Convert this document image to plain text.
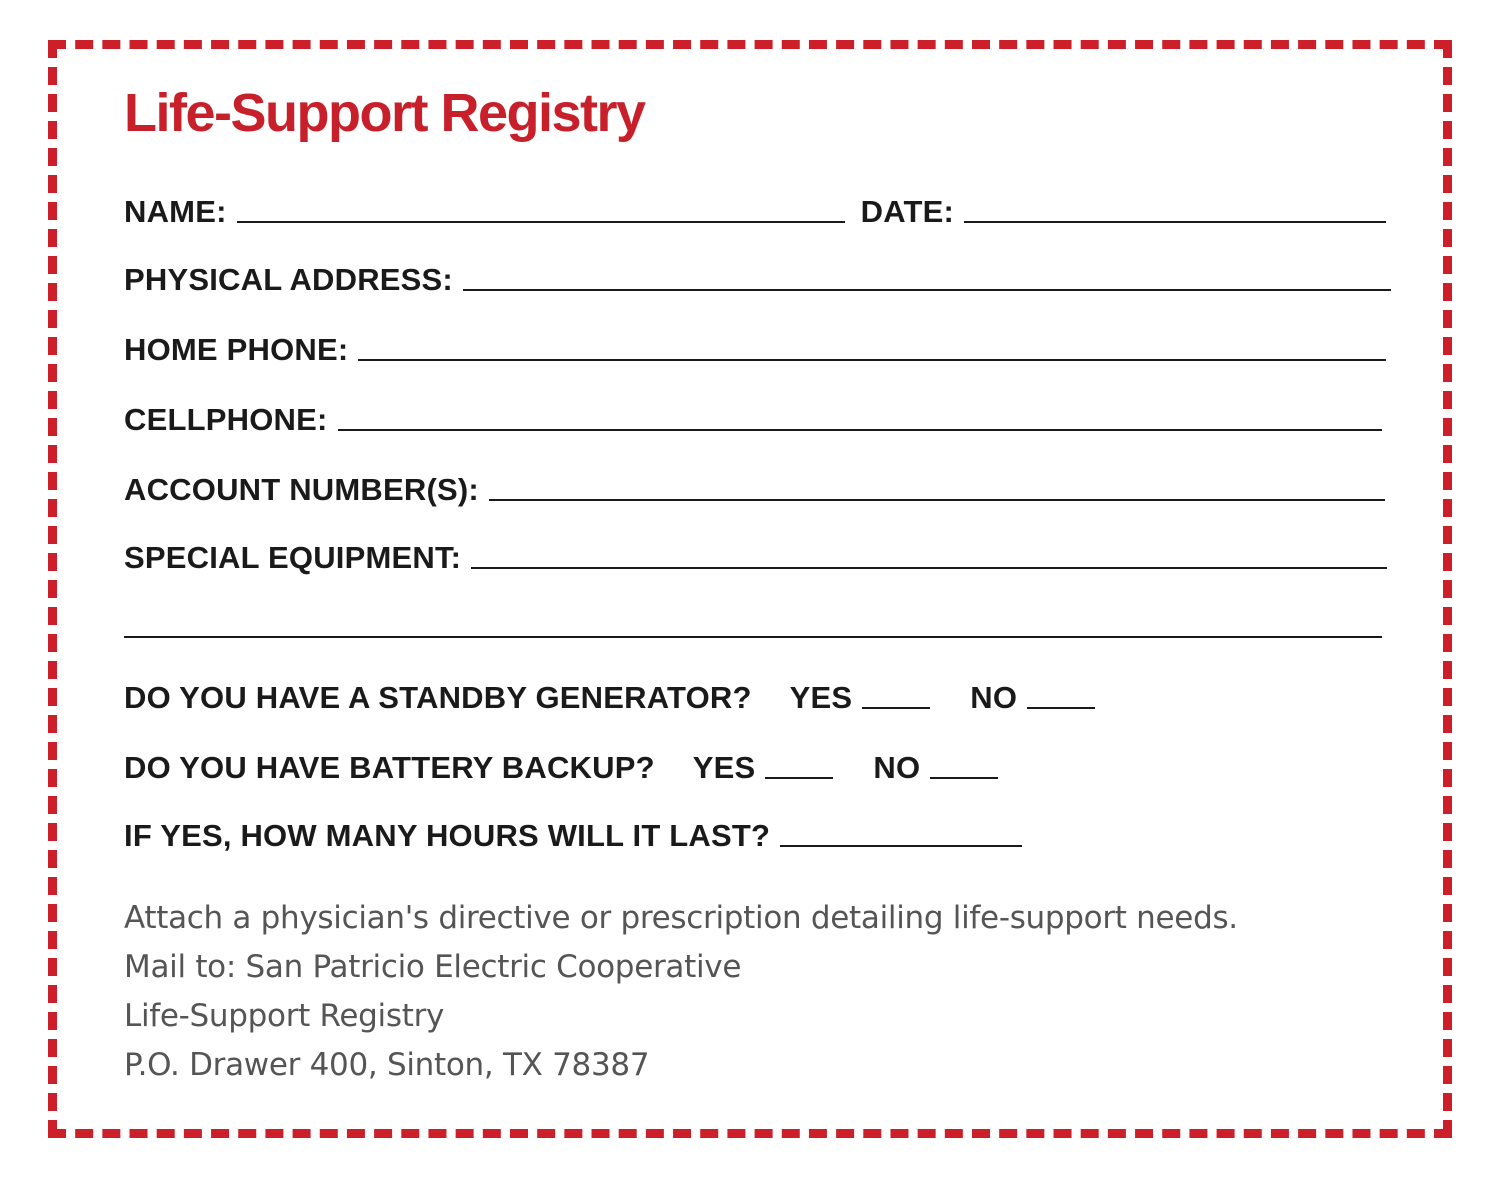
Life-Support Registry
NAME:	DATE:
PHYSICAL ADDRESS:
HOME PHONE:
CELLPHONE:
ACCOUNT NUMBER(S):
SPECIAL EQUIPMENT:
DO YOU HAVE A STANDBY GENERATOR? YES	NO
DO YOU HAVE BATTERY BACKUP? YES	NO
IF YES, HOW MANY HOURS WILL IT LAST?
Attach a physician's directive or prescription detailing life-support needs.
Mail to: San Patricio Electric Cooperative
Life-Support Registry
P.O. Drawer 400, Sinton, TX 78387
